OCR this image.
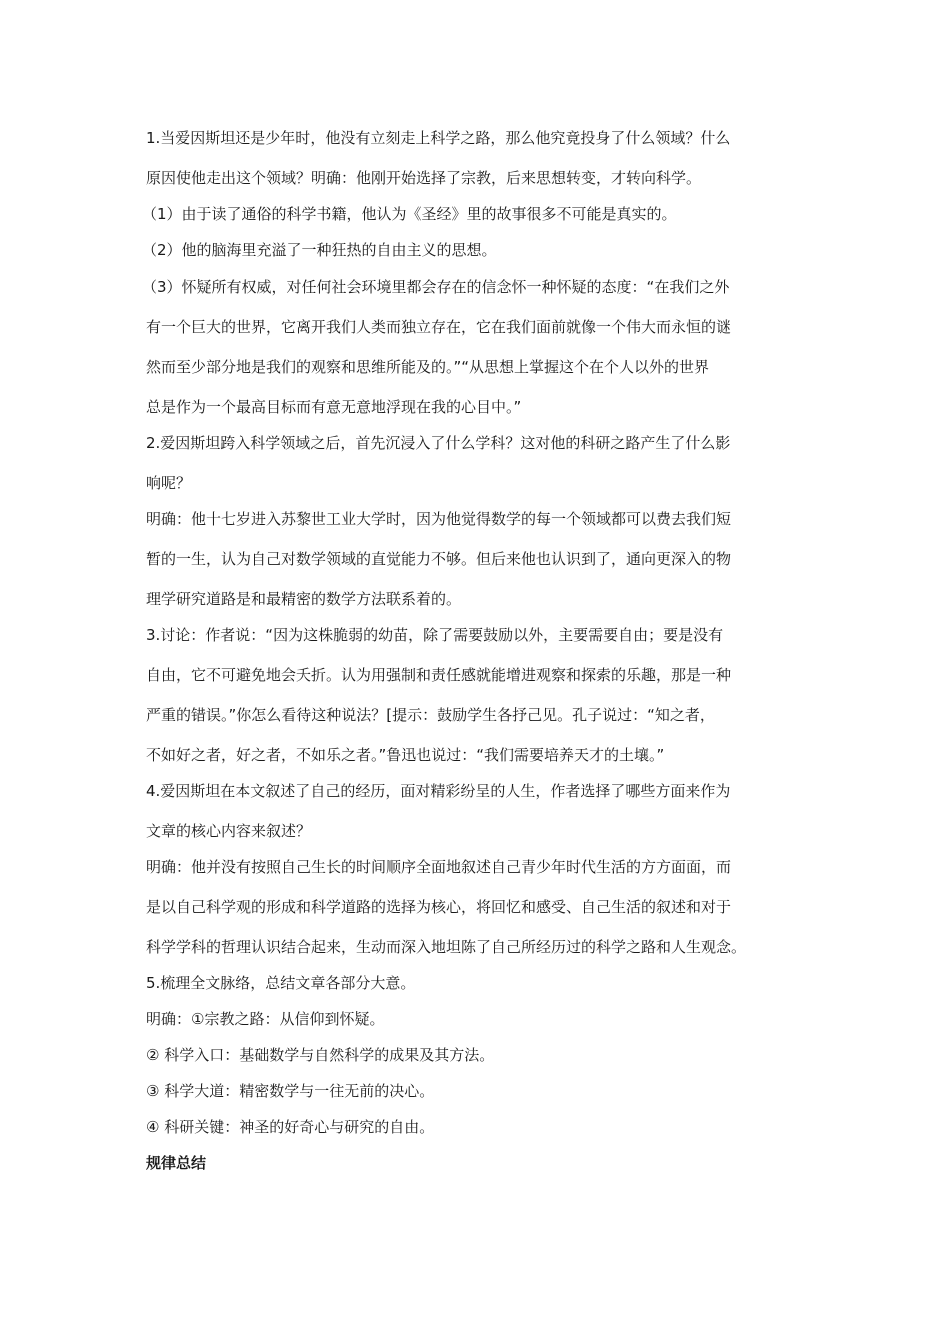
1.当爱因斯坦还是少年时，他没有立刻走上科学之路，那么他究竟投身了什么领域？什么
原因使他走出这个领域？明确：他刚开始选择了宗教，后来思想转变，才转向科学。
（1）由于读了通俗的科学书籍，他认为《圣经》里的故事很多不可能是真实的。
（2）他的脑海里充溢了一种狂热的自由主义的思想。
（3）怀疑所有权威，对任何社会环境里都会存在的信念怀一种怀疑的态度：“在我们之外
有一个巨大的世界，它离开我们人类而独立存在，它在我们面前就像一个伟大而永恒的谜
然而至少部分地是我们的观察和思维所能及的。”“从思想上掌握这个在个人以外的世界
总是作为一个最高目标而有意无意地浮现在我的心目中。”
2.爱因斯坦跨入科学领域之后，首先沉浸入了什么学科？这对他的科研之路产生了什么影
响呢？
明确：他十七岁进入苏黎世工业大学时，因为他觉得数学的每一个领域都可以费去我们短
暂的一生，认为自己对数学领域的直觉能力不够。但后来他也认识到了，通向更深入的物
理学研究道路是和最精密的数学方法联系着的。
3.讨论：作者说：“因为这株脆弱的幼苗，除了需要鼓励以外，主要需要自由；要是没有
自由，它不可避免地会夭折。认为用强制和责任感就能增进观察和探索的乐趣，那是一种
严重的错误。”你怎么看待这种说法？[提示：鼓励学生各抒己见。孔子说过：“知之者，
不如好之者，好之者，不如乐之者。”鲁迅也说过：“我们需要培养天才的土壤。”
4.爱因斯坦在本文叙述了自己的经历，面对精彩纷呈的人生，作者选择了哪些方面来作为
文章的核心内容来叙述？
明确：他并没有按照自己生长的时间顺序全面地叙述自己青少年时代生活的方方面面，而
是以自己科学观的形成和科学道路的选择为核心，将回忆和感受、自己生活的叙述和对于
科学学科的哲理认识结合起来，生动而深入地坦陈了自己所经历过的科学之路和人生观念。
5.梳理全文脉络，总结文章各部分大意。
明确：①宗教之路：从信仰到怀疑。
② 科学入口：基础数学与自然科学的成果及其方法。
③ 科学大道：精密数学与一往无前的决心。
④ 科研关键：神圣的好奇心与研究的自由。
规律总结
